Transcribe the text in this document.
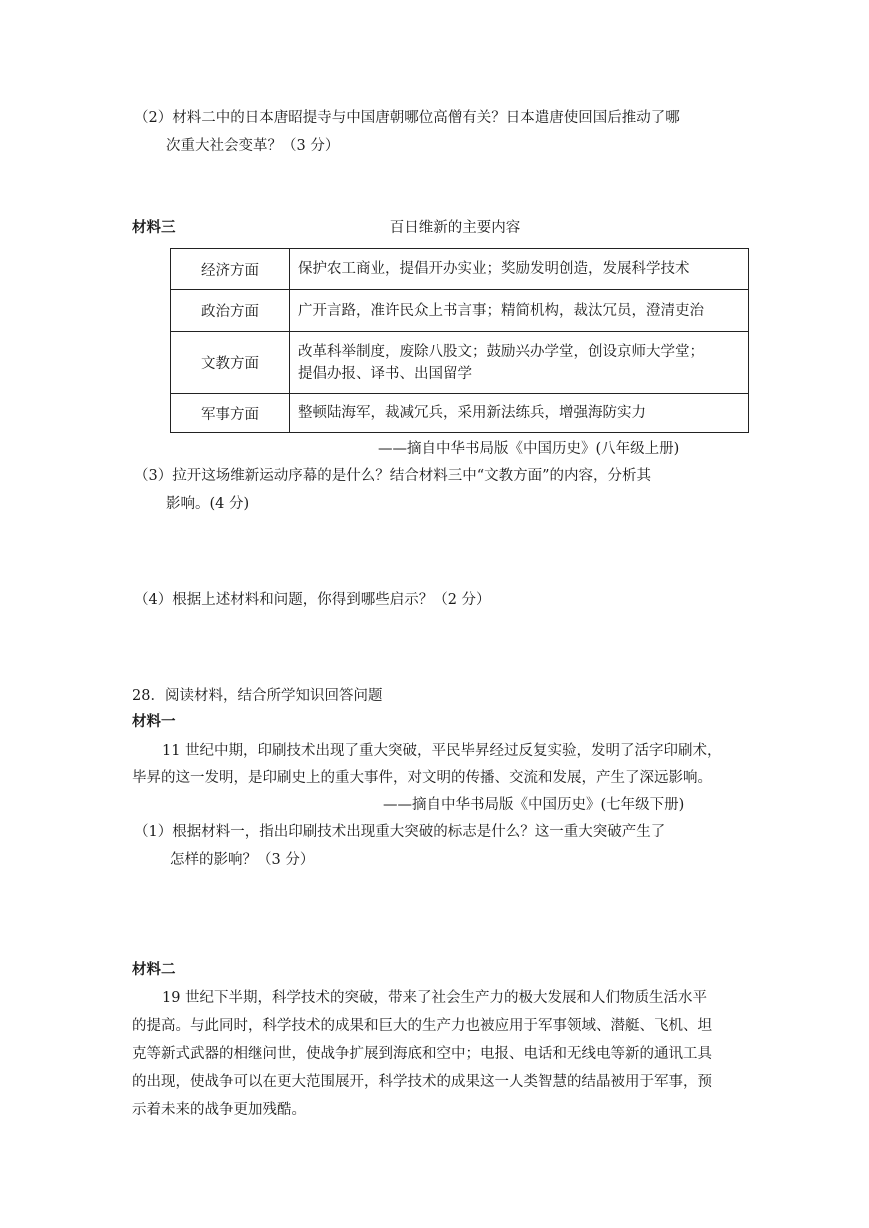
（2）材料二中的日本唐昭提寺与中国唐朝哪位高僧有关？日本遣唐使回国后推动了哪
次重大社会变革？（3 分）
材料三	百日维新的主要内容
经济方面	保护农工商业，提倡开办实业；奖励发明创造，发展科学技术
政治方面	广开言路，准许民众上书言事；精简机构，裁汰冗员，澄清吏治
文教方面	改革科举制度，废除八股文；鼓励兴办学堂，创设京师大学堂；
提倡办报、译书、出国留学

军事方面	整顿陆海军，裁减冗兵，采用新法练兵，增强海防实力
——摘自中华书局版《中国历史》(八年级上册)
（3）拉开这场维新运动序幕的是什么？结合材料三中“文教方面”的内容，分析其
影响。(4 分)
（4）根据上述材料和问题，你得到哪些启示？（2 分）
28．阅读材料，结合所学知识回答问题
材料一
11 世纪中期，印刷技术出现了重大突破，平民毕昇经过反复实验，发明了活字印刷术，
毕昇的这一发明，是印刷史上的重大事件，对文明的传播、交流和发展，产生了深远影响。
——摘自中华书局版《中国历史》(七年级下册)
（1）根据材料一，指出印刷技术出现重大突破的标志是什么？这一重大突破产生了
怎样的影响？（3 分）
材料二
19 世纪下半期，科学技术的突破，带来了社会生产力的极大发展和人们物质生活水平
的提高。与此同时，科学技术的成果和巨大的生产力也被应用于军事领域、潜艇、飞机、坦
克等新式武器的相继问世，使战争扩展到海底和空中；电报、电话和无线电等新的通讯工具
的出现，使战争可以在更大范围展开，科学技术的成果这一人类智慧的结晶被用于军事，预
示着未来的战争更加残酷。
